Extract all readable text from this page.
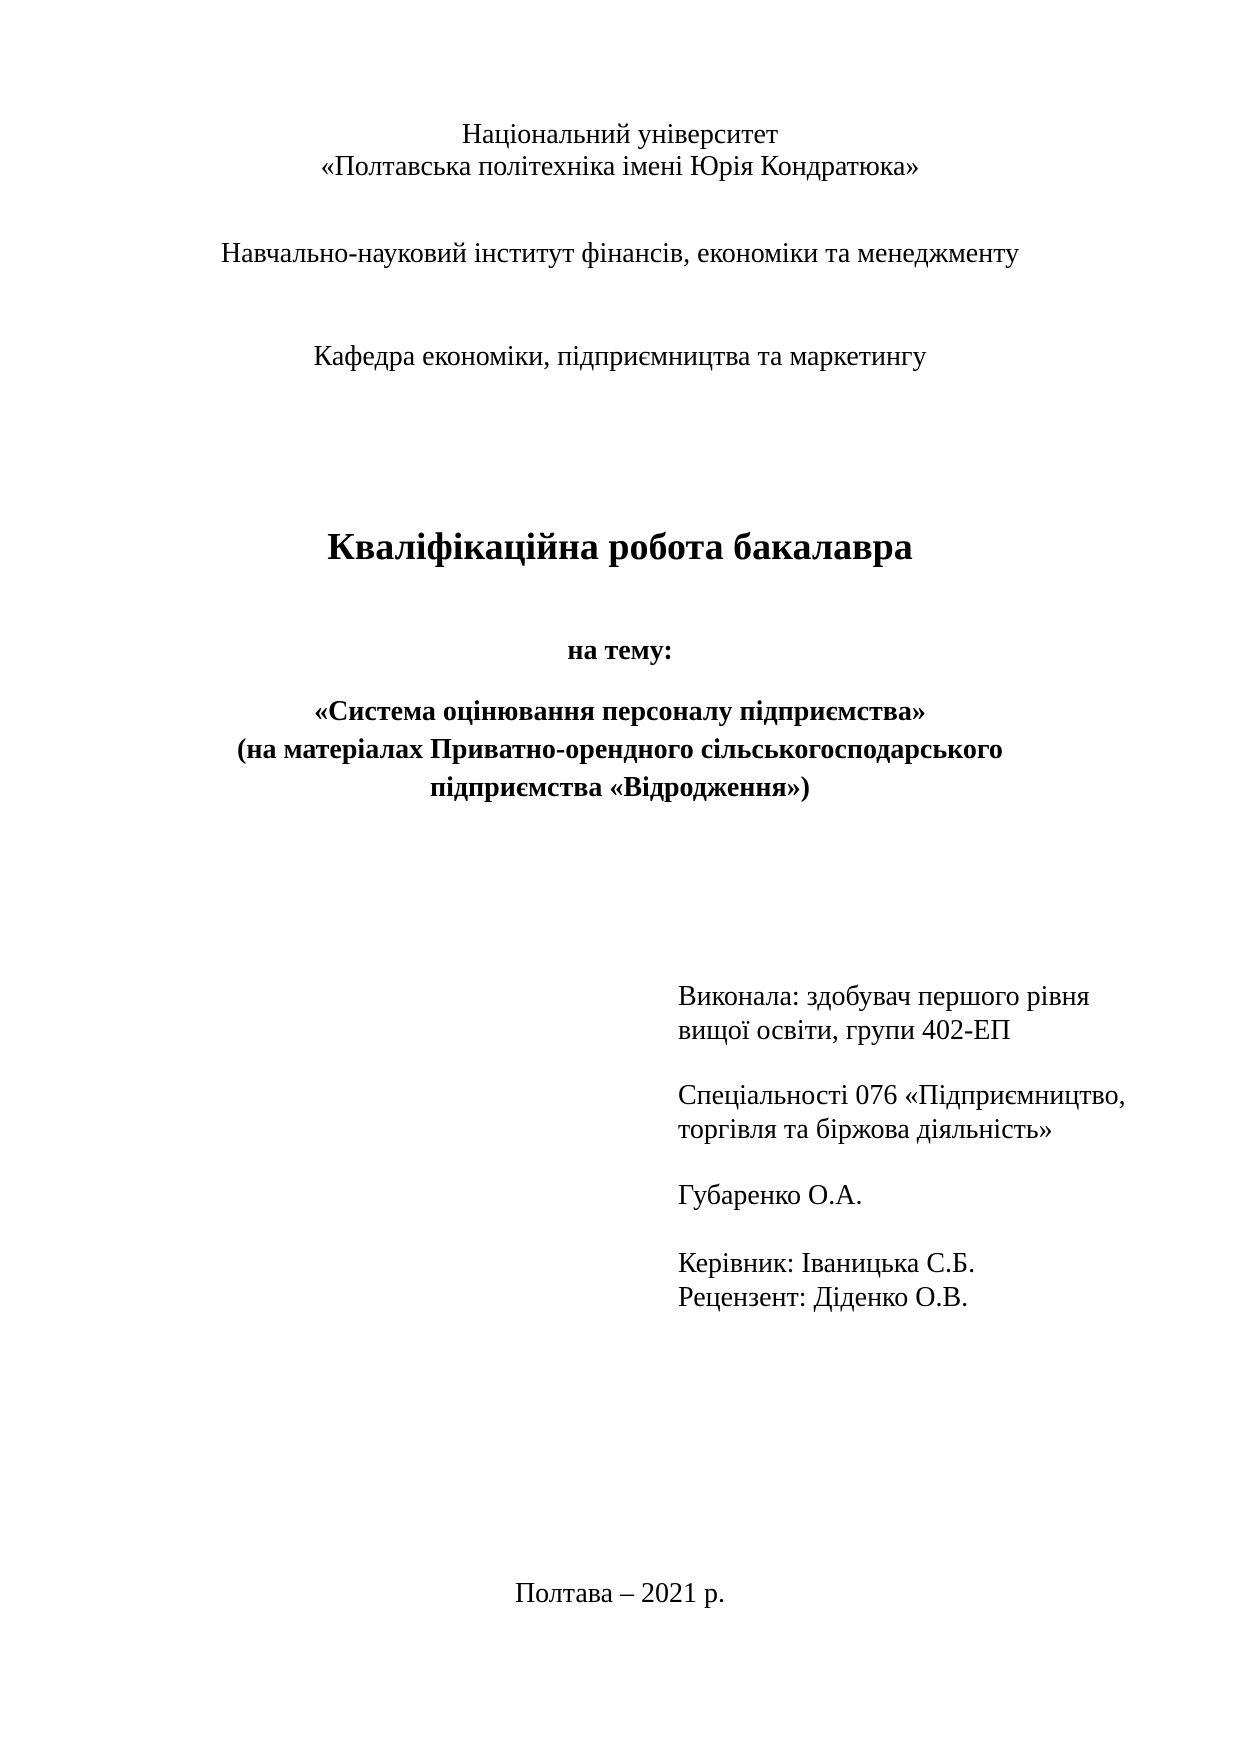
Національний університет
«Полтавська політехніка імені Юрія Кондратюка»
Навчально-науковий інститут фінансів, економіки та менеджменту
Кафедра економіки, підприємництва та маркетингу
Кваліфікаційна робота бакалавра
на тему:
«Система оцінювання персоналу підприємства»
(на матеріалах Приватно-орендного сільськогосподарського
підприємства «Відродження»)
Виконала: здобувач першого рівня
вищої освіти, групи 402-ЕП
Спеціальності 076 «Підприємництво,
торгівля та біржова діяльність»
Губаренко О.А.
Керівник: Іваницька С.Б.
Рецензент: Діденко О.В.
Полтава – 2021 р.
